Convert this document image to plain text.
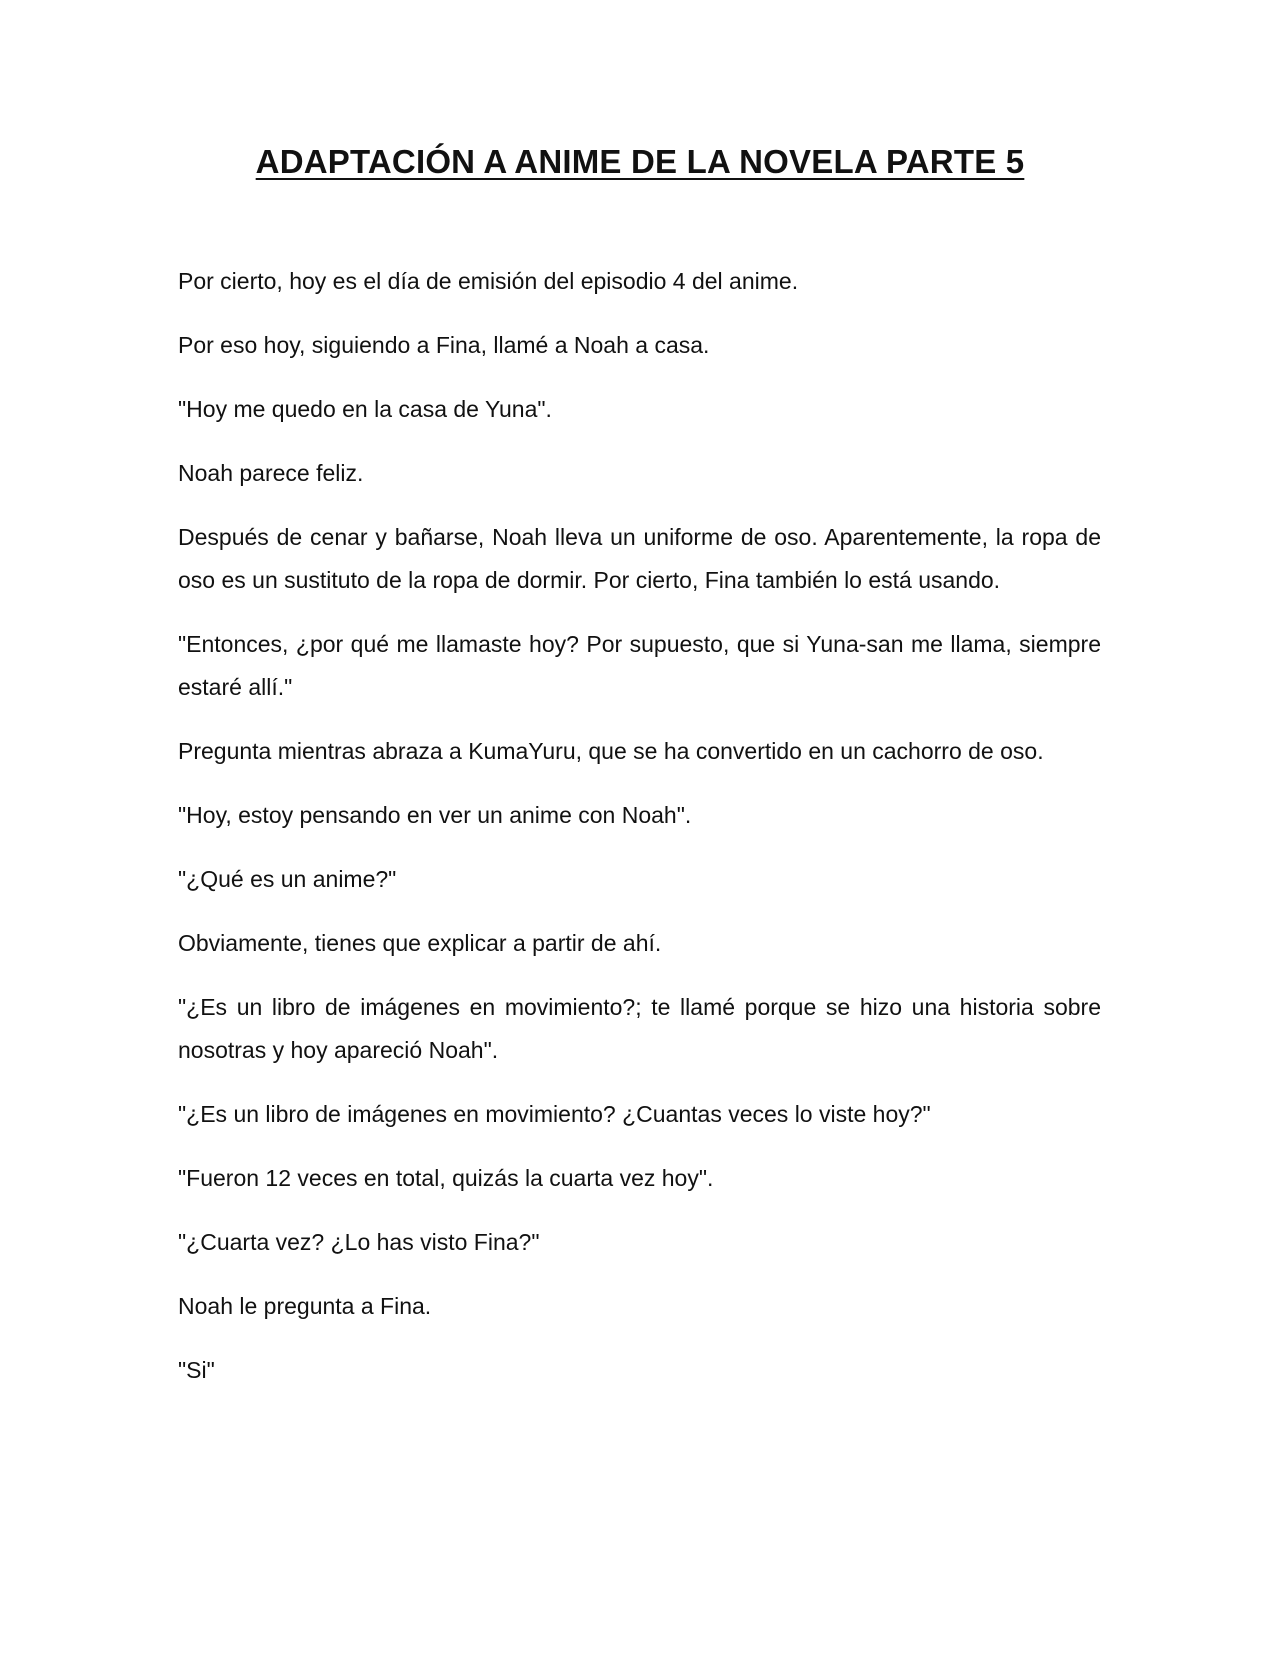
ADAPTACIÓN A ANIME DE LA NOVELA PARTE 5

Por cierto, hoy es el día de emisión del episodio 4 del anime.

Por eso hoy, siguiendo a Fina, llamé a Noah a casa.

"Hoy me quedo en la casa de Yuna".

Noah parece feliz.

Después de cenar y bañarse, Noah lleva un uniforme de oso. Aparentemente, la ropa de oso es un sustituto de la ropa de dormir. Por cierto, Fina también lo está usando.

"Entonces, ¿por qué me llamaste hoy? Por supuesto, que si Yuna-san me llama, siempre estaré allí."

Pregunta mientras abraza a KumaYuru, que se ha convertido en un cachorro de oso.

"Hoy, estoy pensando en ver un anime con Noah".

"¿Qué es un anime?"

Obviamente, tienes que explicar a partir de ahí.

"¿Es un libro de imágenes en movimiento?; te llamé porque se hizo una historia sobre nosotras y hoy apareció Noah".

"¿Es un libro de imágenes en movimiento? ¿Cuantas veces lo viste hoy?"

"Fueron 12 veces en total, quizás la cuarta vez hoy".

"¿Cuarta vez? ¿Lo has visto Fina?"

Noah le pregunta a Fina.

"Si"
